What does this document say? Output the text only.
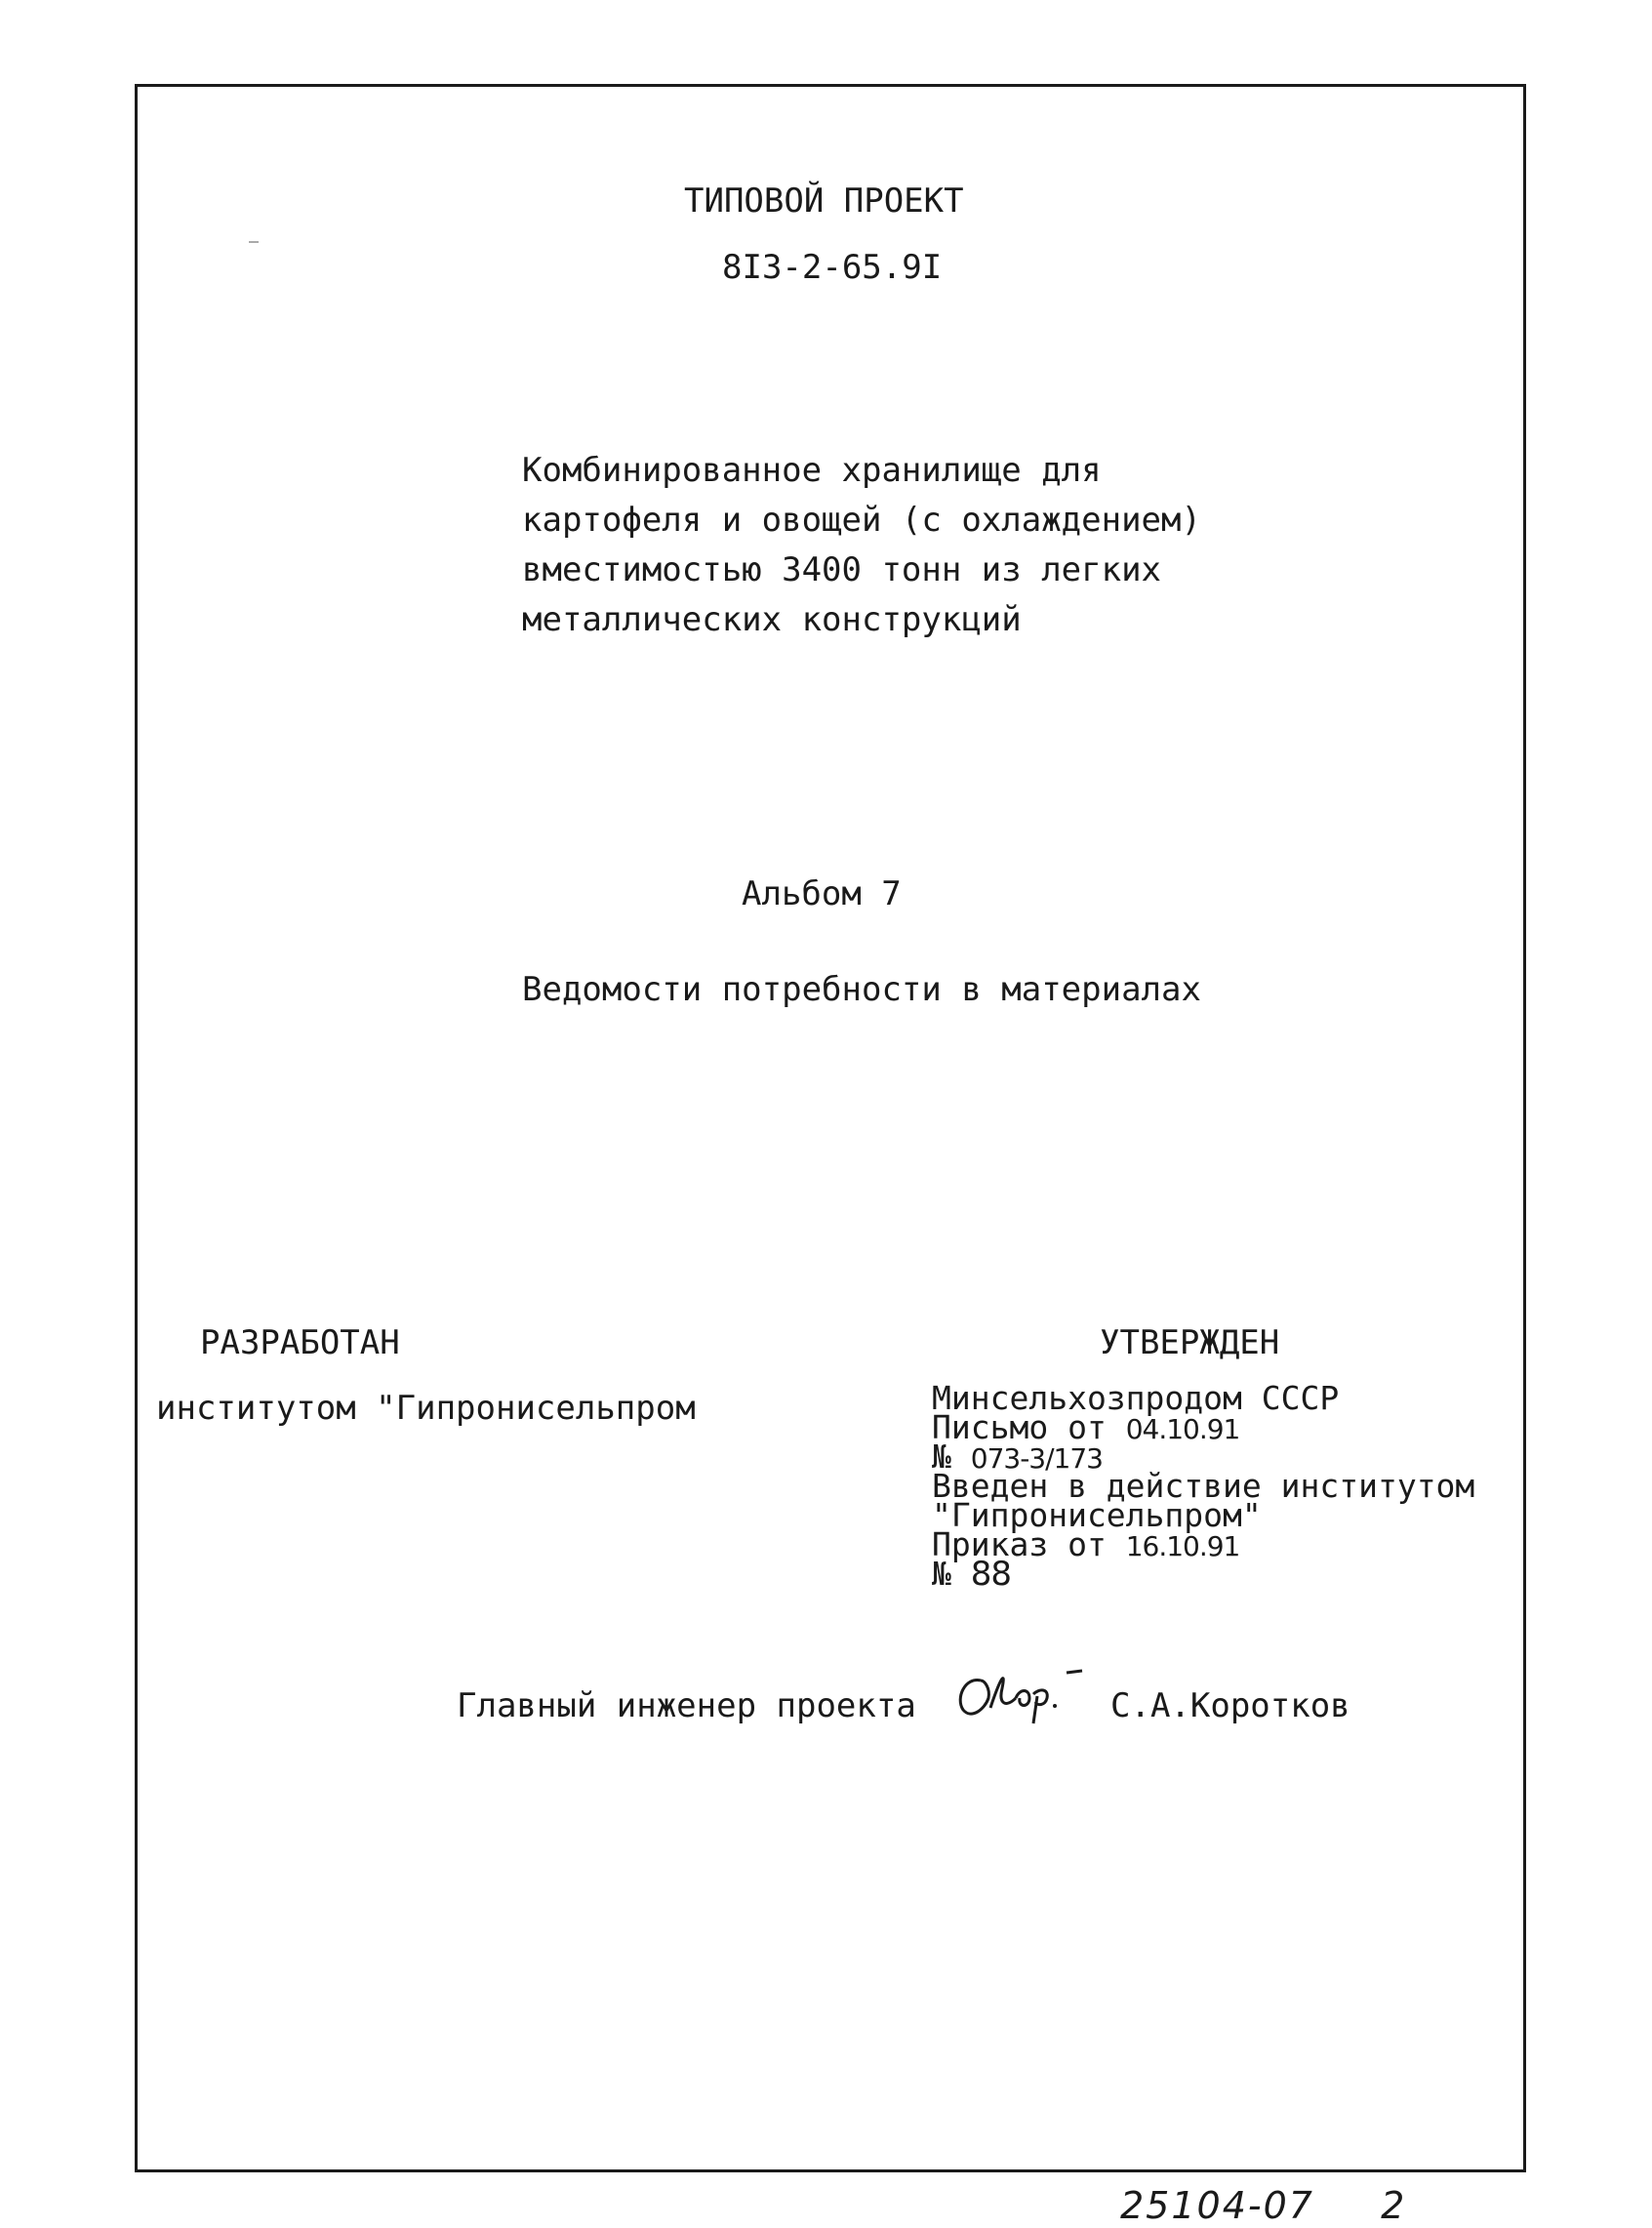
ТИПОВОЙ ПРОЕКТ
8I3-2-65.9I
Комбинированное хранилище для
картофеля и овощей (с охлаждением)
вместимостью 3400 тонн из легких
металлических конструкций
Альбом 7
Ведомости потребности в материалах
РАЗРАБОТАН
институтом "Гипронисельпром
УТВЕРЖДЕН
Минсельхозпродом СССР
Письмо от 04.10.91
№ 073-3/173
Введен в действие институтом
"Гипронисельпром"
Приказ от 16.10.91
№ 88
Главный инженер проекта	С.А.Коротков
25104-07 2
